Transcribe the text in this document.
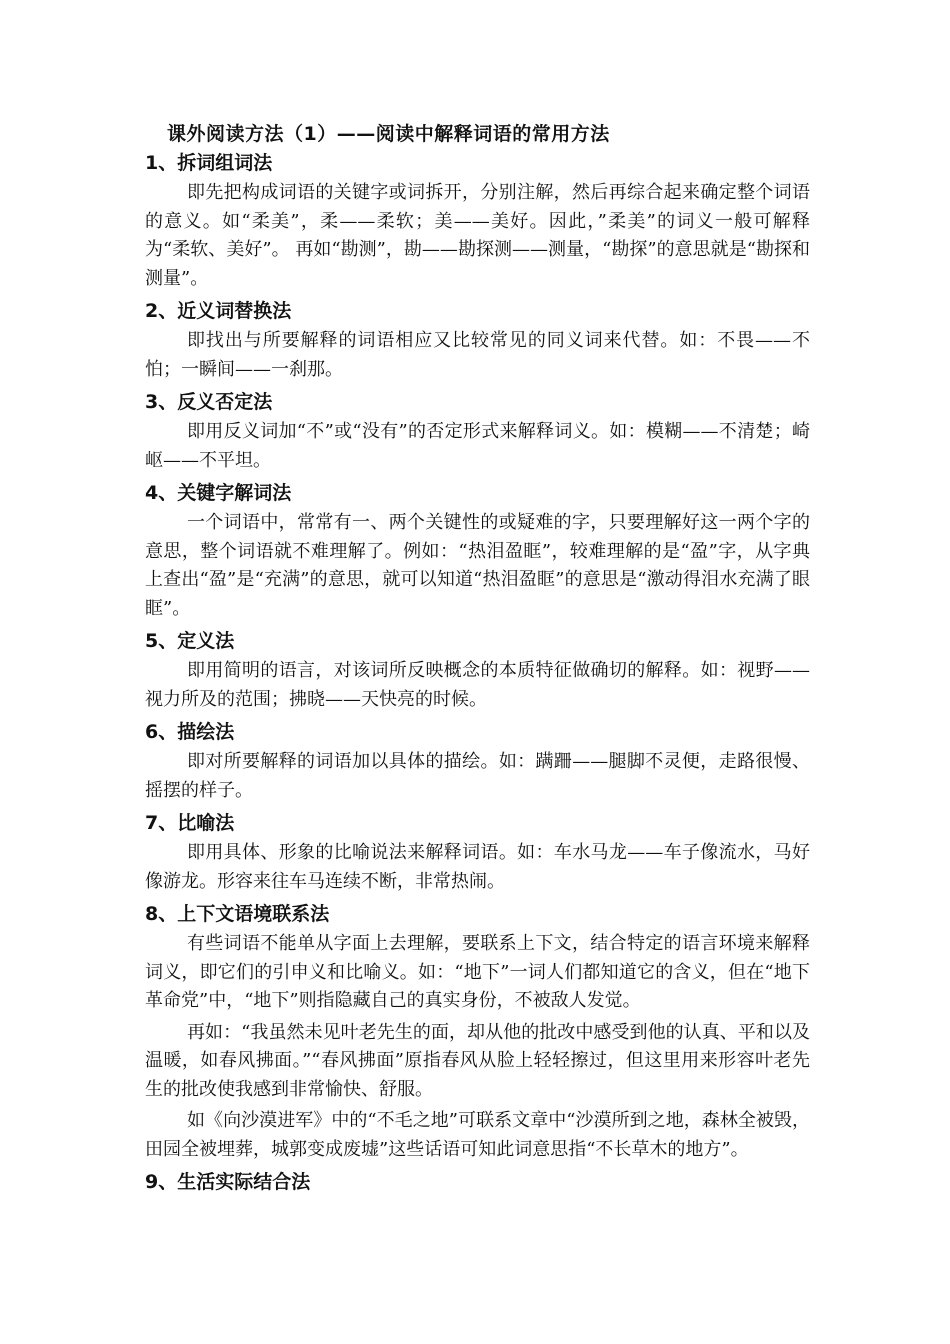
课外阅读方法（1）——阅读中解释词语的常用方法
1、拆词组词法

即先把构成词语的关键字或词拆开，分别注解，然后再综合起来确定整个词语的意义。如“柔美”，柔——柔软；美——美好。因此，”柔美”的词义一般可解释为“柔软、美好”。 再如“勘测”，勘——勘探测——测量，“勘探”的意思就是“勘探和测量”。

2、近义词替换法

即找出与所要解释的词语相应又比较常见的同义词来代替。如：不畏——不怕；一瞬间——一刹那。

3、反义否定法

即用反义词加“不”或“没有”的否定形式来解释词义。如：模糊——不清楚；崎岖——不平坦。

4、关键字解词法

一个词语中，常常有一、两个关键性的或疑难的字，只要理解好这一两个字的意思，整个词语就不难理解了。例如：“热泪盈眶”，较难理解的是“盈”字，从字典上查出“盈”是“充满”的意思，就可以知道“热泪盈眶”的意思是“激动得泪水充满了眼眶”。

5、定义法

即用简明的语言，对该词所反映概念的本质特征做确切的解释。如：视野——视力所及的范围；拂晓——天快亮的时候。

6、描绘法

即对所要解释的词语加以具体的描绘。如：蹒跚——腿脚不灵便，走路很慢、摇摆的样子。

7、比喻法

即用具体、形象的比喻说法来解释词语。如：车水马龙——车子像流水，马好像游龙。形容来往车马连续不断，非常热闹。

8、上下文语境联系法

有些词语不能单从字面上去理解，要联系上下文，结合特定的语言环境来解释词义，即它们的引申义和比喻义。如：“地下”一词人们都知道它的含义，但在“地下革命党”中，“地下”则指隐藏自己的真实身份，不被敌人发觉。

再如：“我虽然未见叶老先生的面，却从他的批改中感受到他的认真、平和以及温暖，如春风拂面。”“春风拂面”原指春风从脸上轻轻擦过，但这里用来形容叶老先生的批改使我感到非常愉快、舒服。

如《向沙漠进军》中的“不毛之地”可联系文章中“沙漠所到之地，森林全被毁，田园全被埋葬，城郭变成废墟”这些话语可知此词意思指“不长草木的地方”。

9、生活实际结合法
